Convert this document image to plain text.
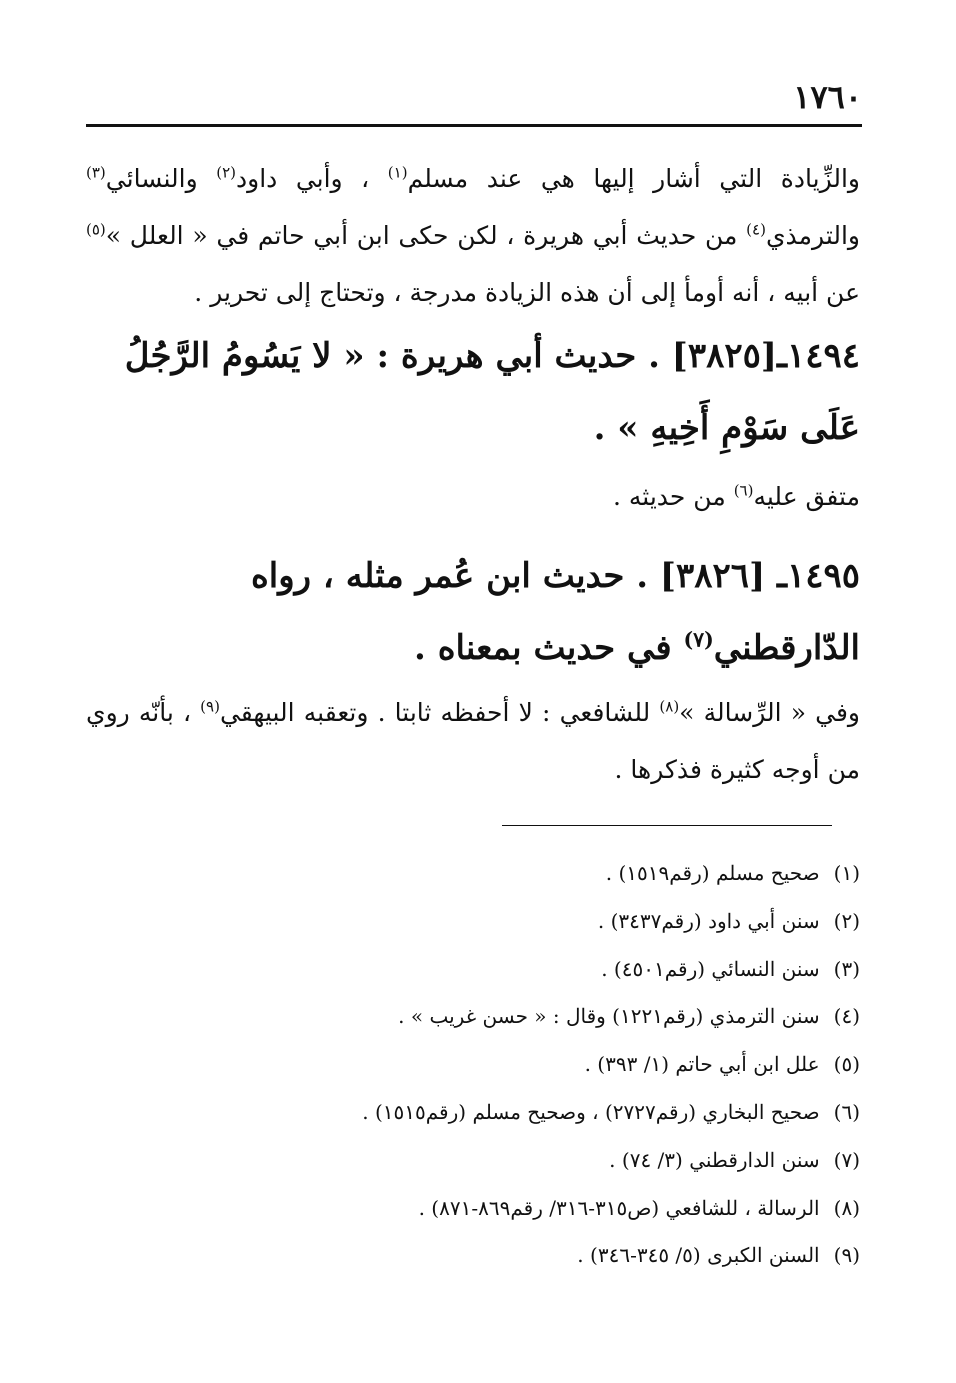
١٧٦٠

والزِّيادة التي أشار إليها هي عند مسلم$^{(١)}$ ، وأبي داود$^{(٢)}$ والنسائي$^{(٣)}$ والترمذي$^{(٤)}$ من حديث أبي هريرة ، لكن حكى ابن أبي حاتم في « العلل »$^{(٥)}$ عن أبيه ، أنه أومأ إلى أن هذه الزيادة مدرجة ، وتحتاج إلى تحرير .

١٤٩٤ـ[٣٨٢٥] . حديث أبي هريرة : « لا يَسُومُ الرَّجُلُ عَلَى سَوْمِ أَخِيهِ » .

متفق عليه$^{(٦)}$ من حديثه .

١٤٩٥ـ [٣٨٢٦] . حديث ابن عُمر مثله ، رواه الدّارقطني$^{(٧)}$ في حديث بمعناه .

وفي « الرِّسالة »$^{(٨)}$ للشافعي : لا أحفظه ثابتا . وتعقبه البيهقي$^{(٩)}$ ، بأنّه روي من أوجه كثيرة فذكرها .

(١)صحيح مسلم (رقم١٥١٩) .
(٢)سنن أبي داود (رقم٣٤٣٧) .
(٣)سنن النسائي (رقم٤٥٠١) .
(٤)سنن الترمذي (رقم١٢٢١) وقال : « حسن غريب » .
(٥)علل ابن أبي حاتم (١/ ٣٩٣) .
(٦)صحيح البخاري (رقم٢٧٢٧) ، وصحيح مسلم (رقم١٥١٥) .
(٧)سنن الدارقطني (٣/ ٧٤) .
(٨)الرسالة ، للشافعي (ص٣١٥-٣١٦/ رقم٨٦٩-٨٧١) .
(٩)السنن الكبرى (٥/ ٣٤٥-٣٤٦) .
